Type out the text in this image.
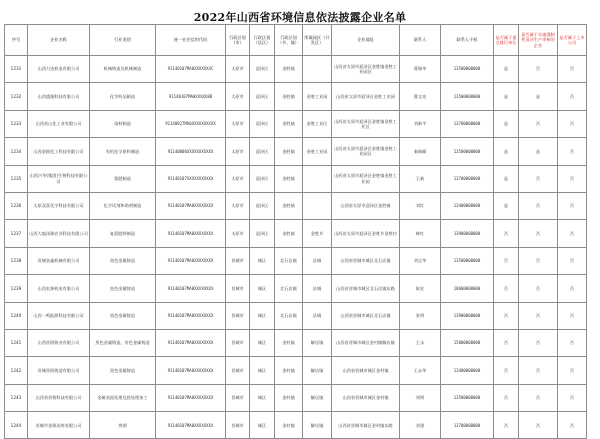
2022年山西省环境信息依法披露企业名单
序号	企业名称	行业类别	统一社会信用代码	行政区划（市）	行政区划（县区）	行政区划（乡、镇）	所属园区（开发区）	企业地址	联系人	联系人手机	是否属于重点排污单位	是否属于实施强制性清洁生产审核的企业	是否属于上市公司
1231	山西力达机电有限公司	机械铸造及机械制造	91140107MA0XXXXXX4C	太原市	迎泽区	金胜镇		山西省太原市迎泽区金胜镇金胜工业园区	曹瑞华	13500000000	是	否	否
1232	山西盛隆科技有限公司	化学药品制造	91140107MA0XXXXX8B	太原市	迎泽区	金胜镇	金胜工业园	山西省太原市迎泽区金胜工业园	曹文亮	13500000000	是	是	否
1233	山西省山化工业有限公司	染料制造	91140827MA0XXXXXXXXXX	太原市	迎泽区	金胜镇	金胜工业区	山西省太原市迎泽区金胜镇金胜工业区	刘新平	13700000000	是	否	否
1234	山西金路化工科技有限公司	有机化学原料制造	91140000XXXXXXXXXXX	太原市	迎泽区	金胜镇	金胜工业园	山西省太原市迎泽区金胜镇金胜工业园区	秦瑞峰	13500000000	是	是	否
1235	山西兴华(集团)生物科技有限公司	氮肥制造	91140107XXXXXXXXXXX	太原市	迎泽区	金胜镇		山西省太原市迎泽区金胜镇金胜工业园	王新	13700000000	是	否	否
1236	太原双喜化学科技有限公司	化学试剂和助剂制造	91140107MA0XXXXXXXX	太原市	迎泽区	金胜镇		山西省太原市迎泽区金胜镇	刘红	13400000000	是	否	否
1237	山西大地泽源农业科技有限公司	复混肥料制造	91140107MA0XXXXXXXX	太原市	迎泽区	金胜镇	金胜乡	山西省太原市迎泽区金胜乡金胜村	韩红	13900000000	否	否	否
1238	晋城金鑫机械有限公司	黑色金属铸造	91140107MA0XXXXXXXX	晋城市	城区	北石店镇	县城	山西省晋城市城区北石店镇	刘宝华	13500000000	否	否	否
1239	山西宏源机电有限公司	黑色金属铸造	91140107MA0XXXXXXXX	晋城市	城区	北石店镇	县城	山西省晋城市城区北石店镇东路	陈宏	18600000000	否	否	否
1240	山西一鸣能源科技有限公司	黑色金属铸造	91140107MA0XXXXXXXX	晋城市	城区	北石店镇	县城	山西省晋城市城区北石店镇	张明	13900000000	否	否	否
1241	山西晋润铸业有限公司	黑色金属铸造，有色金属铸造	91140107MA0XXXXXXXX	晋城市	城区	金村镇	解店镇	山西省晋城市城区金村镇解店镇	王永	15800000000	否	否	否
1242	晋城晋阳铸造有限公司	黑色金属铸造	91140107MA0XXXXXXXX	晋城市	城区	金村镇	解店镇	山西省晋城市城区金村镇	王永华	13400000000	否	否	否
1243	山西省晋铸科技有限公司	金属表面处理及热处理加工	91140107MA0XXXXXXXX	晋城市	城区	金村镇	解店镇	山西省晋城市城区金村镇	刘明	13500000000	否	否	否
1244	晋城市金源冶炼有限公司	炼钢	91140107MA0XXXXXXXX	晋城市	城区	金村镇	解店镇	山西省晋城市城区金村镇东路	刘建	13700000000	否	否	否
